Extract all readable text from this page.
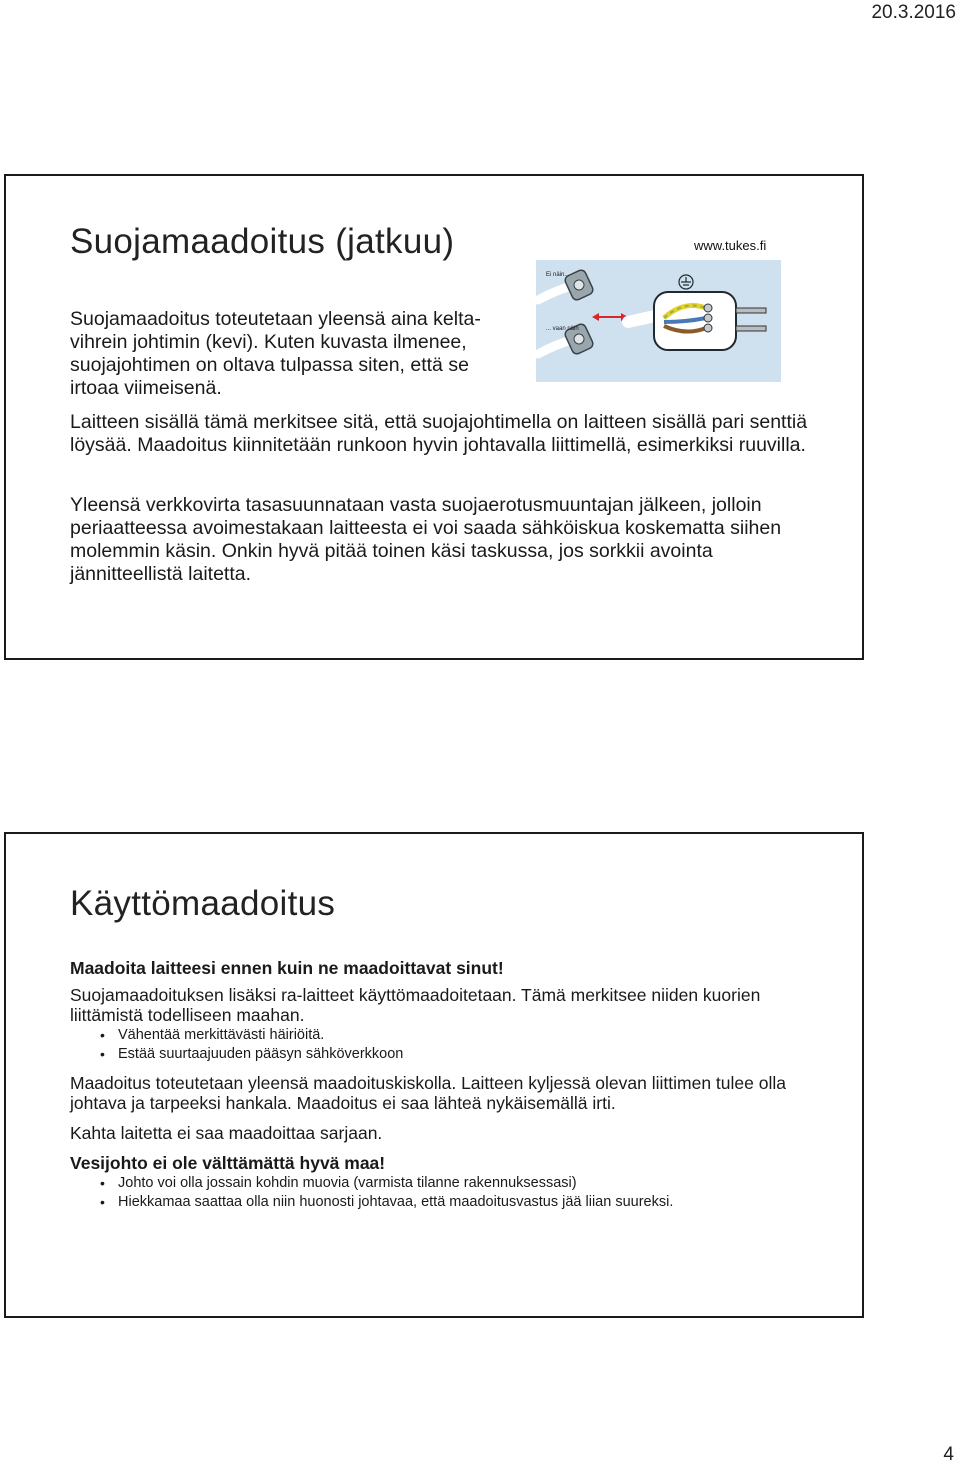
20.3.2016
Suojamaadoitus (jatkuu)	www.tukes.fi
Ei näin...
... vaan näin

Suojamaadoitus toteutetaan yleensä aina kelta-vihrein johtimin (kevi). Kuten kuvasta ilmenee, suojajohtimen on oltava tulpassa siten, että se irtoaa viimeisenä.

Laitteen sisällä tämä merkitsee sitä, että suojajohtimella on laitteen sisällä pari senttiä löysää. Maadoitus kiinnitetään runkoon hyvin johtavalla liittimellä, esimerkiksi ruuvilla.

Yleensä verkkovirta tasasuunnataan vasta suojaerotusmuuntajan jälkeen, jolloin periaatteessa avoimestakaan laitteesta ei voi saada sähköiskua koskematta siihen molemmin käsin. Onkin hyvä pitää toinen käsi taskussa, jos sorkkii avointa jännitteellistä laitetta.

Käyttömaadoitus

Maadoita laitteesi ennen kuin ne maadoittavat sinut!

Suojamaadoituksen lisäksi ra-laitteet käyttömaadoitetaan. Tämä merkitsee niiden kuorien liittämistä todelliseen maahan.

• Vähentää merkittävästi häiriöitä.
• Estää suurtaajuuden pääsyn sähköverkkoon

Maadoitus toteutetaan yleensä maadoituskiskolla. Laitteen kyljessä olevan liittimen tulee olla johtava ja tarpeeksi hankala. Maadoitus ei saa lähteä nykäisemällä irti.

Kahta laitetta ei saa maadoittaa sarjaan.

Vesijohto ei ole välttämättä hyvä maa!

• Johto voi olla jossain kohdin muovia (varmista tilanne rakennuksessasi)
• Hiekkamaa saattaa olla niin huonosti johtavaa, että maadoitusvastus jää liian suureksi.
4
